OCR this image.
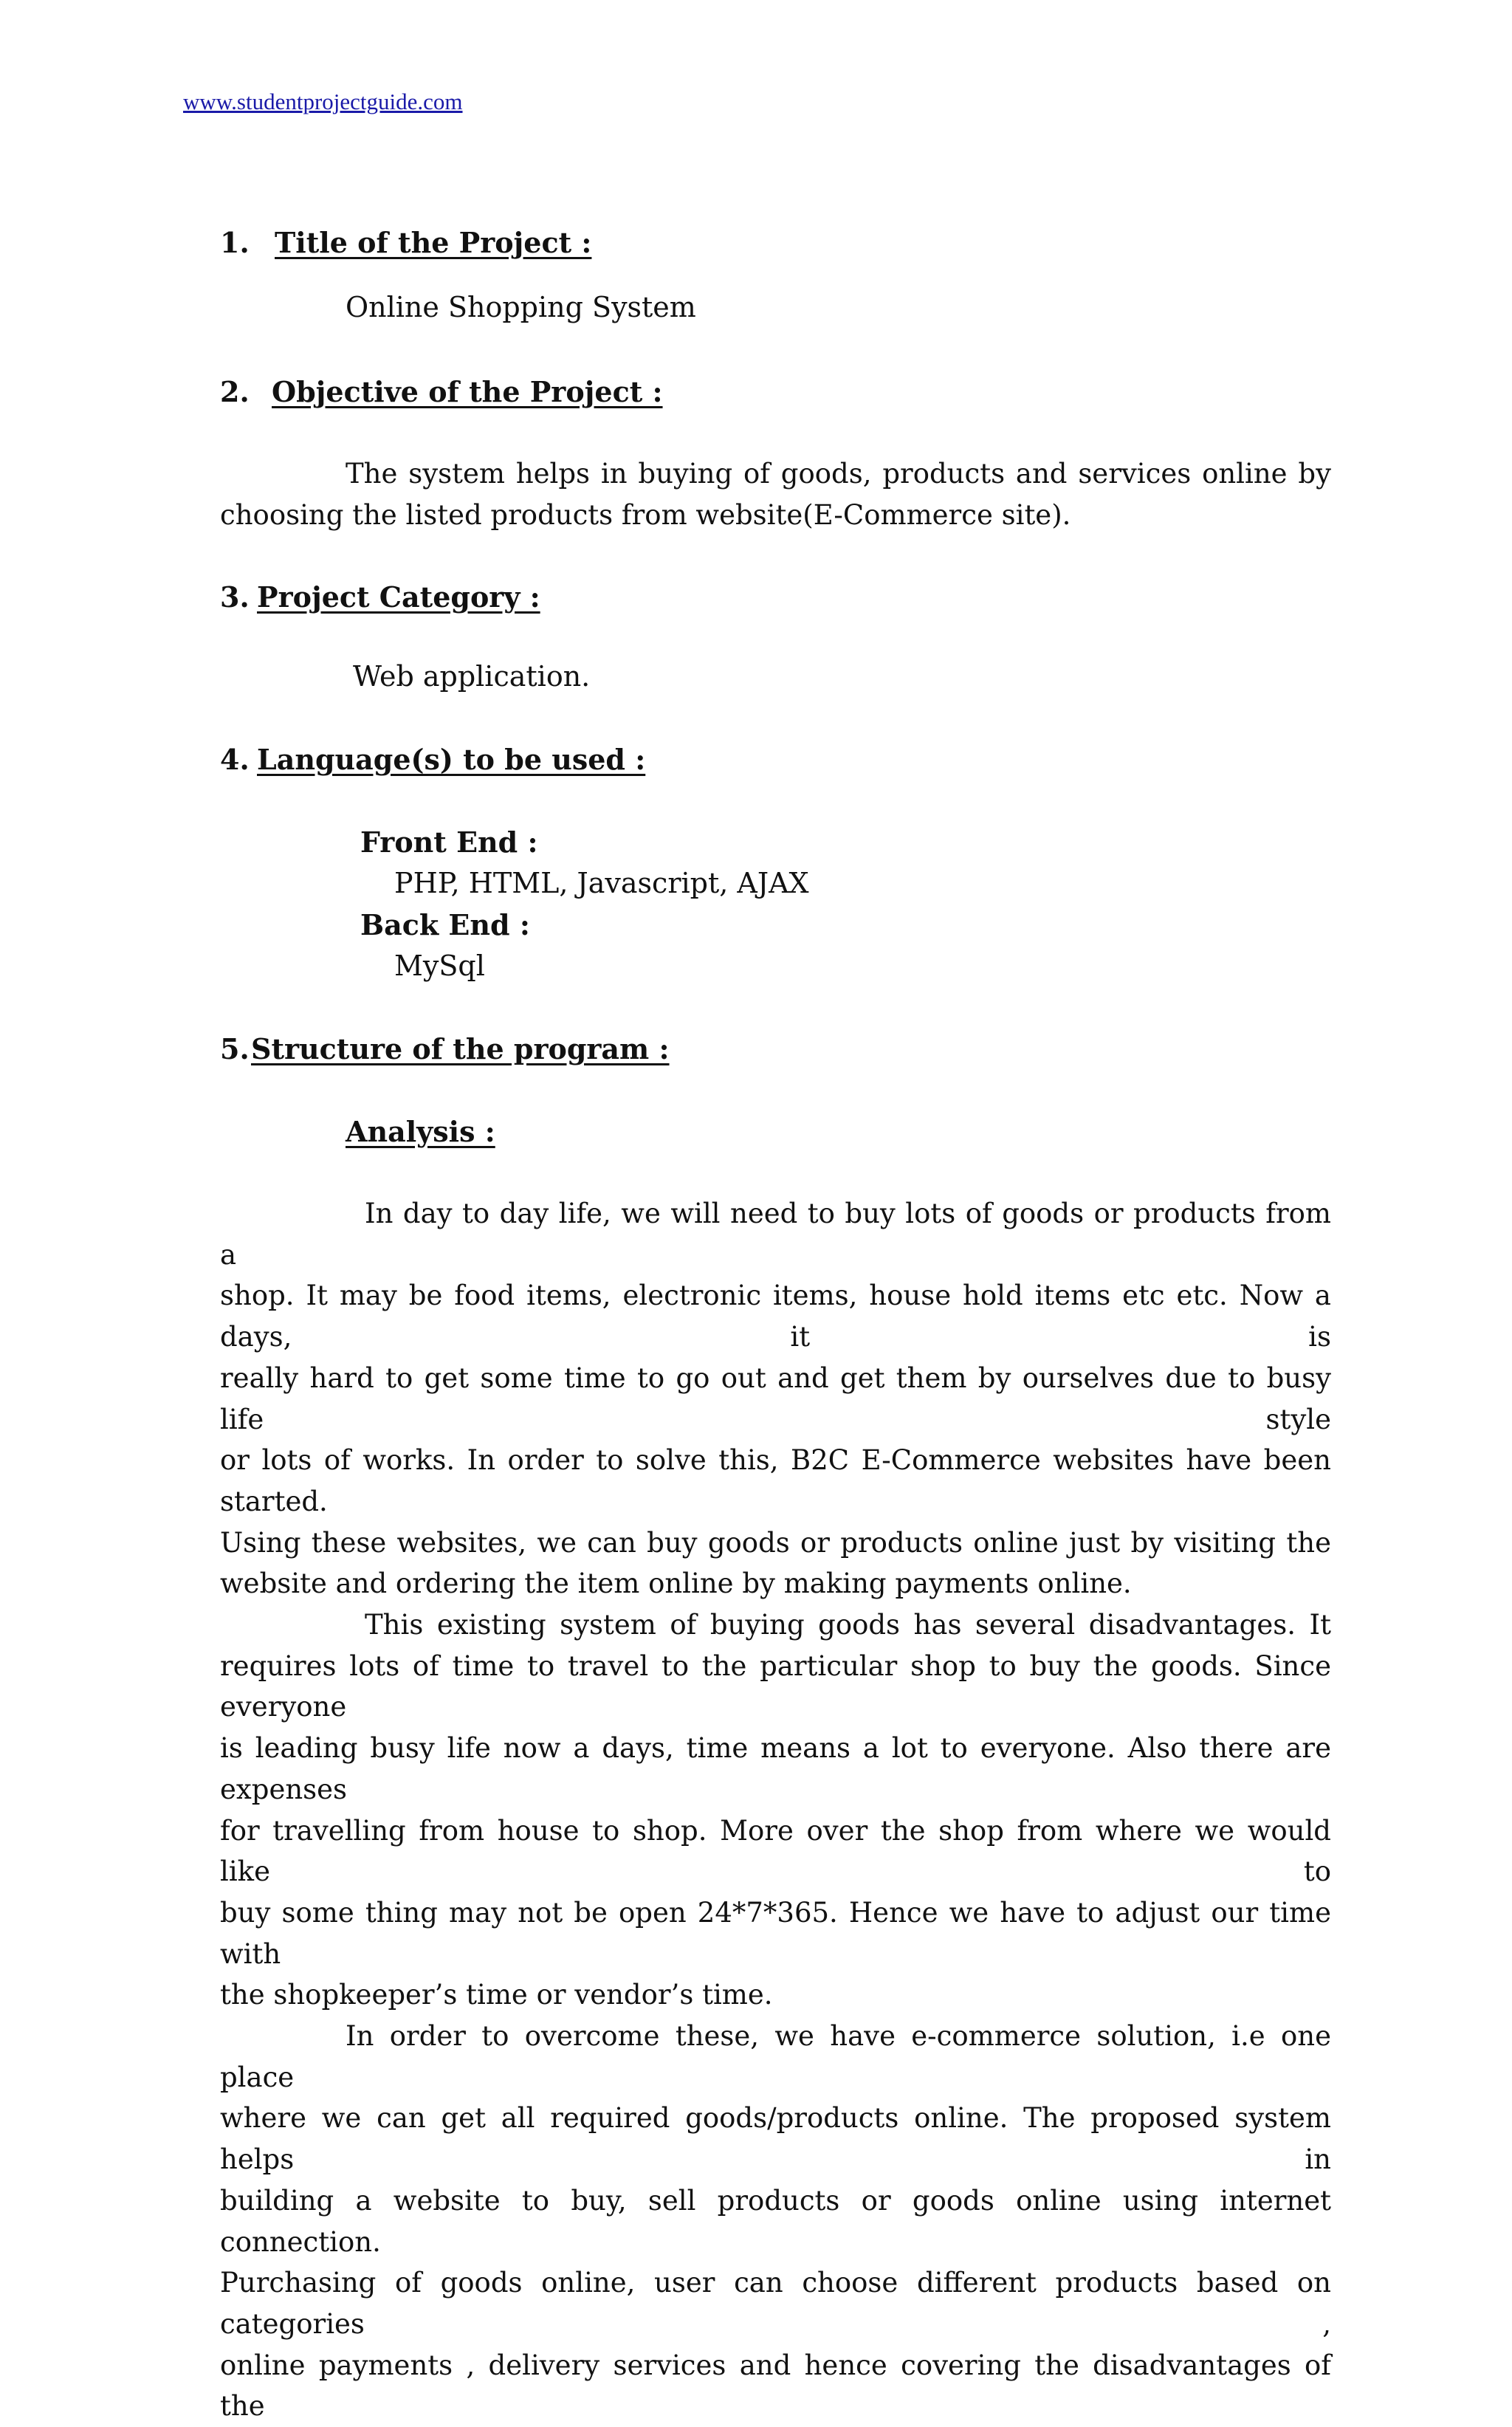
www.studentprojectguide.com
1. Title of the Project :
Online Shopping System
2. Objective of the Project :
The system helps in buying of goods, products and services online by
choosing the listed products from website(E-Commerce site).
3. Project Category :
Web application.
4. Language(s) to be used :
Front End :
PHP, HTML, Javascript, AJAX
Back End :
MySql
5.Structure of the program :
Analysis :
In day to day life, we will need to buy lots of goods or products from a
shop. It may be food items, electronic items, house hold items etc etc. Now a days, it is
really hard to get some time to go out and get them by ourselves due to busy life style
or lots of works. In order to solve this, B2C E-Commerce websites have been started.
Using these websites, we can buy goods or products online just by visiting the
website and ordering the item online by making payments online.
This existing system of buying goods has several disadvantages. It
requires lots of time to travel to the particular shop to buy the goods. Since everyone
is leading busy life now a days, time means a lot to everyone. Also there are expenses
for travelling from house to shop. More over the shop from where we would like to
buy some thing may not be open 24*7*365. Hence we have to adjust our time with
the shopkeeper’s time or vendor’s time.
In order to overcome these, we have e-commerce solution, i.e one place
where we can get all required goods/products online. The proposed system helps in
building a website to buy, sell products or goods online using internet connection.
Purchasing of goods online, user can choose different products based on categories ,
online payments , delivery services and hence covering the disadvantages of the
